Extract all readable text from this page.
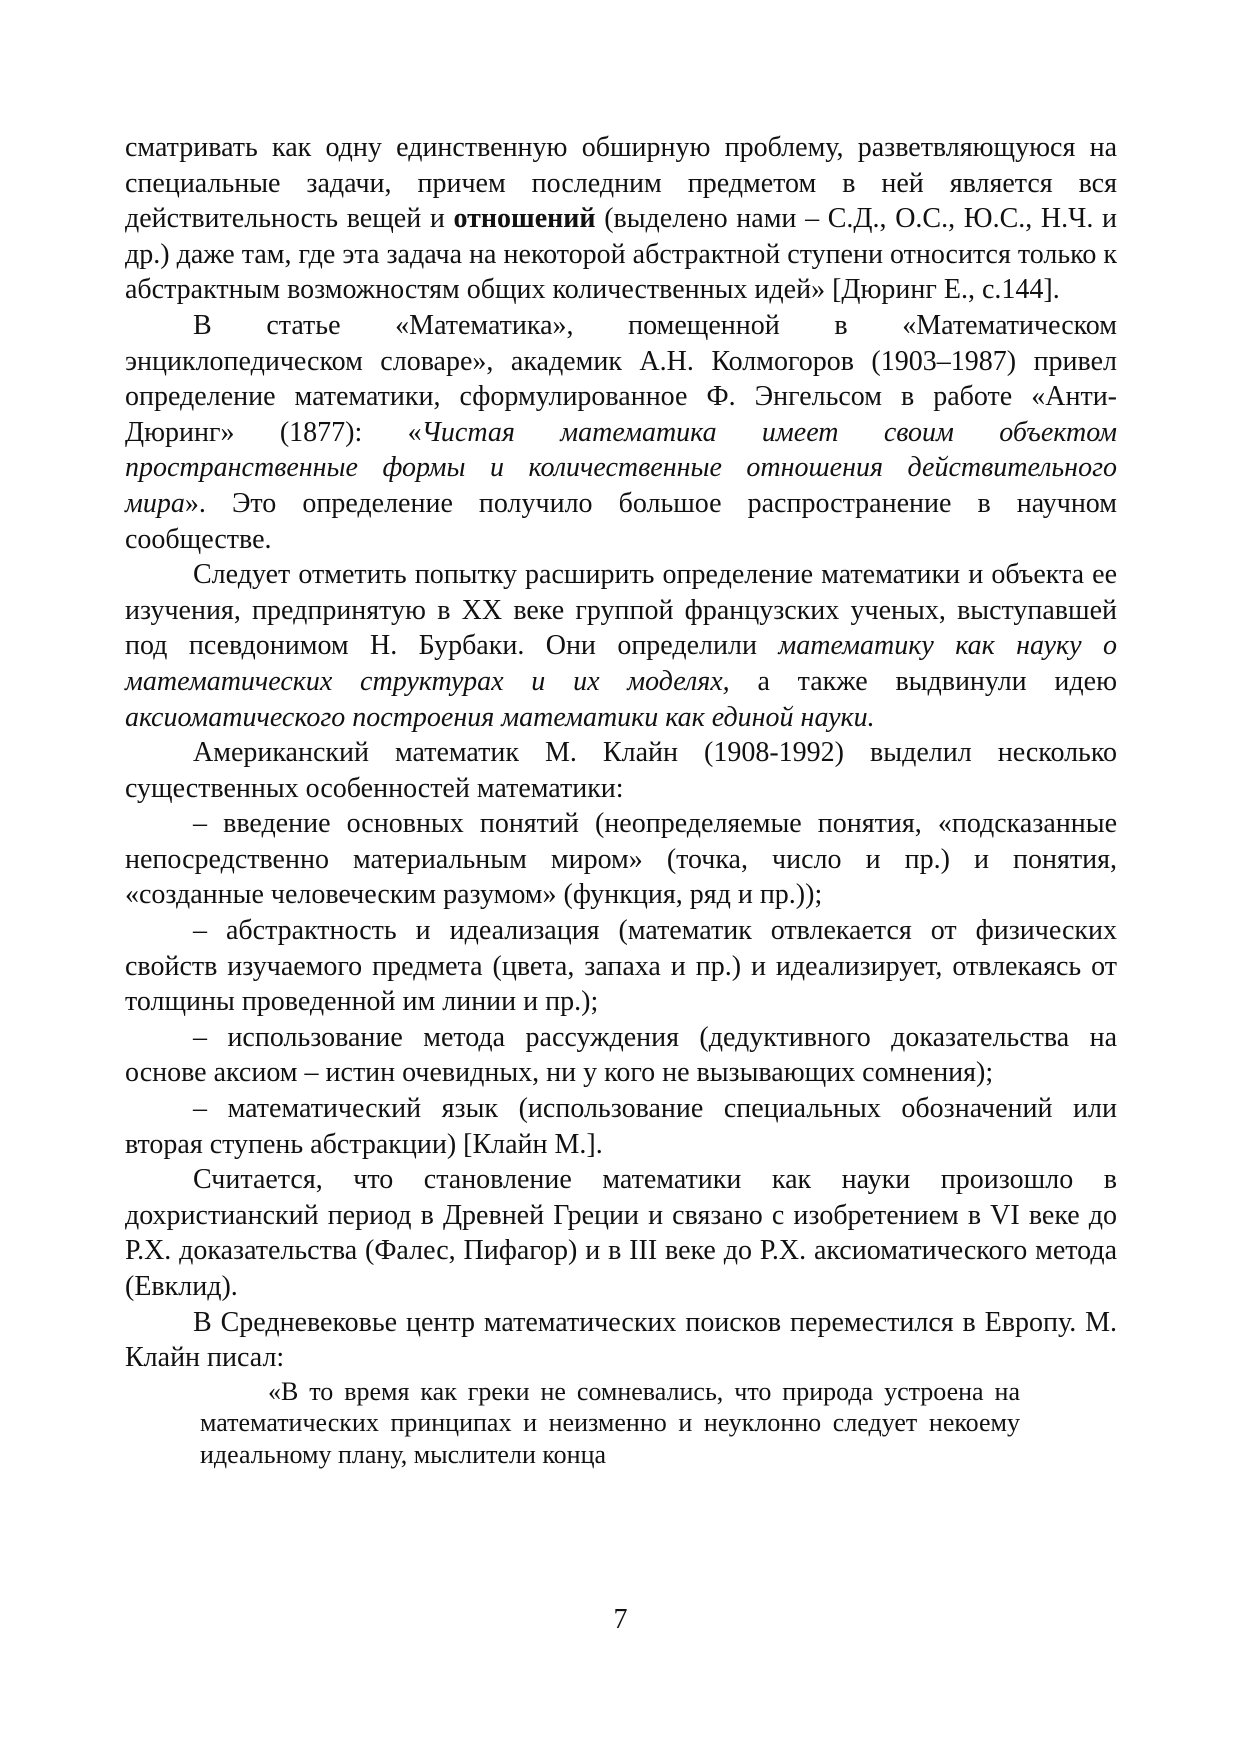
сматривать как одну единственную обширную проблему, разветвляющуюся на специальные задачи, причем последним предметом в ней является вся действительность вещей и отношений (выделено нами – С.Д., О.С., Ю.С., Н.Ч. и др.) даже там, где эта задача на некоторой абстрактной ступени относится только к абстрактным возможностям общих количественных идей» [Дюринг Е., с.144].

В статье «Математика», помещенной в «Математическом энциклопедическом словаре», академик А.Н. Колмогоров (1903–1987) привел определение математики, сформулированное Ф. Энгельсом в работе «Анти-Дюринг» (1877): «Чистая математика имеет своим объектом пространственные формы и количественные отношения действительного мира». Это определение получило большое распространение в научном сообществе.

Следует отметить попытку расширить определение математики и объекта ее изучения, предпринятую в XX веке группой французских ученых, выступавшей под псевдонимом Н. Бурбаки. Они определили математику как науку о математических структурах и их моделях, а также выдвинули идею аксиоматического построения математики как единой науки.

Американский математик М. Клайн (1908-1992) выделил несколько существенных особенностей математики:

– введение основных понятий (неопределяемые понятия, «подсказанные непосредственно материальным миром» (точка, число и пр.) и понятия, «созданные человеческим разумом» (функция, ряд и пр.));

– абстрактность и идеализация (математик отвлекается от физических свойств изучаемого предмета (цвета, запаха и пр.) и идеализирует, отвлекаясь от толщины проведенной им линии и пр.);

– использование метода рассуждения (дедуктивного доказательства на основе аксиом – истин очевидных, ни у кого не вызывающих сомнения);

– математический язык (использование специальных обозначений или вторая ступень абстракции) [Клайн М.].

Считается, что становление математики как науки произошло в дохристианский период в Древней Греции и связано с изобретением в VI веке до Р.Х. доказательства (Фалес, Пифагор) и в III веке до Р.Х. аксиоматического метода (Евклид).

В Средневековье центр математических поисков переместился в Европу. М. Клайн писал:

«В то время как греки не сомневались, что природа устроена на математических принципах и неизменно и неуклонно следует некоему идеальному плану, мыслители конца

7
